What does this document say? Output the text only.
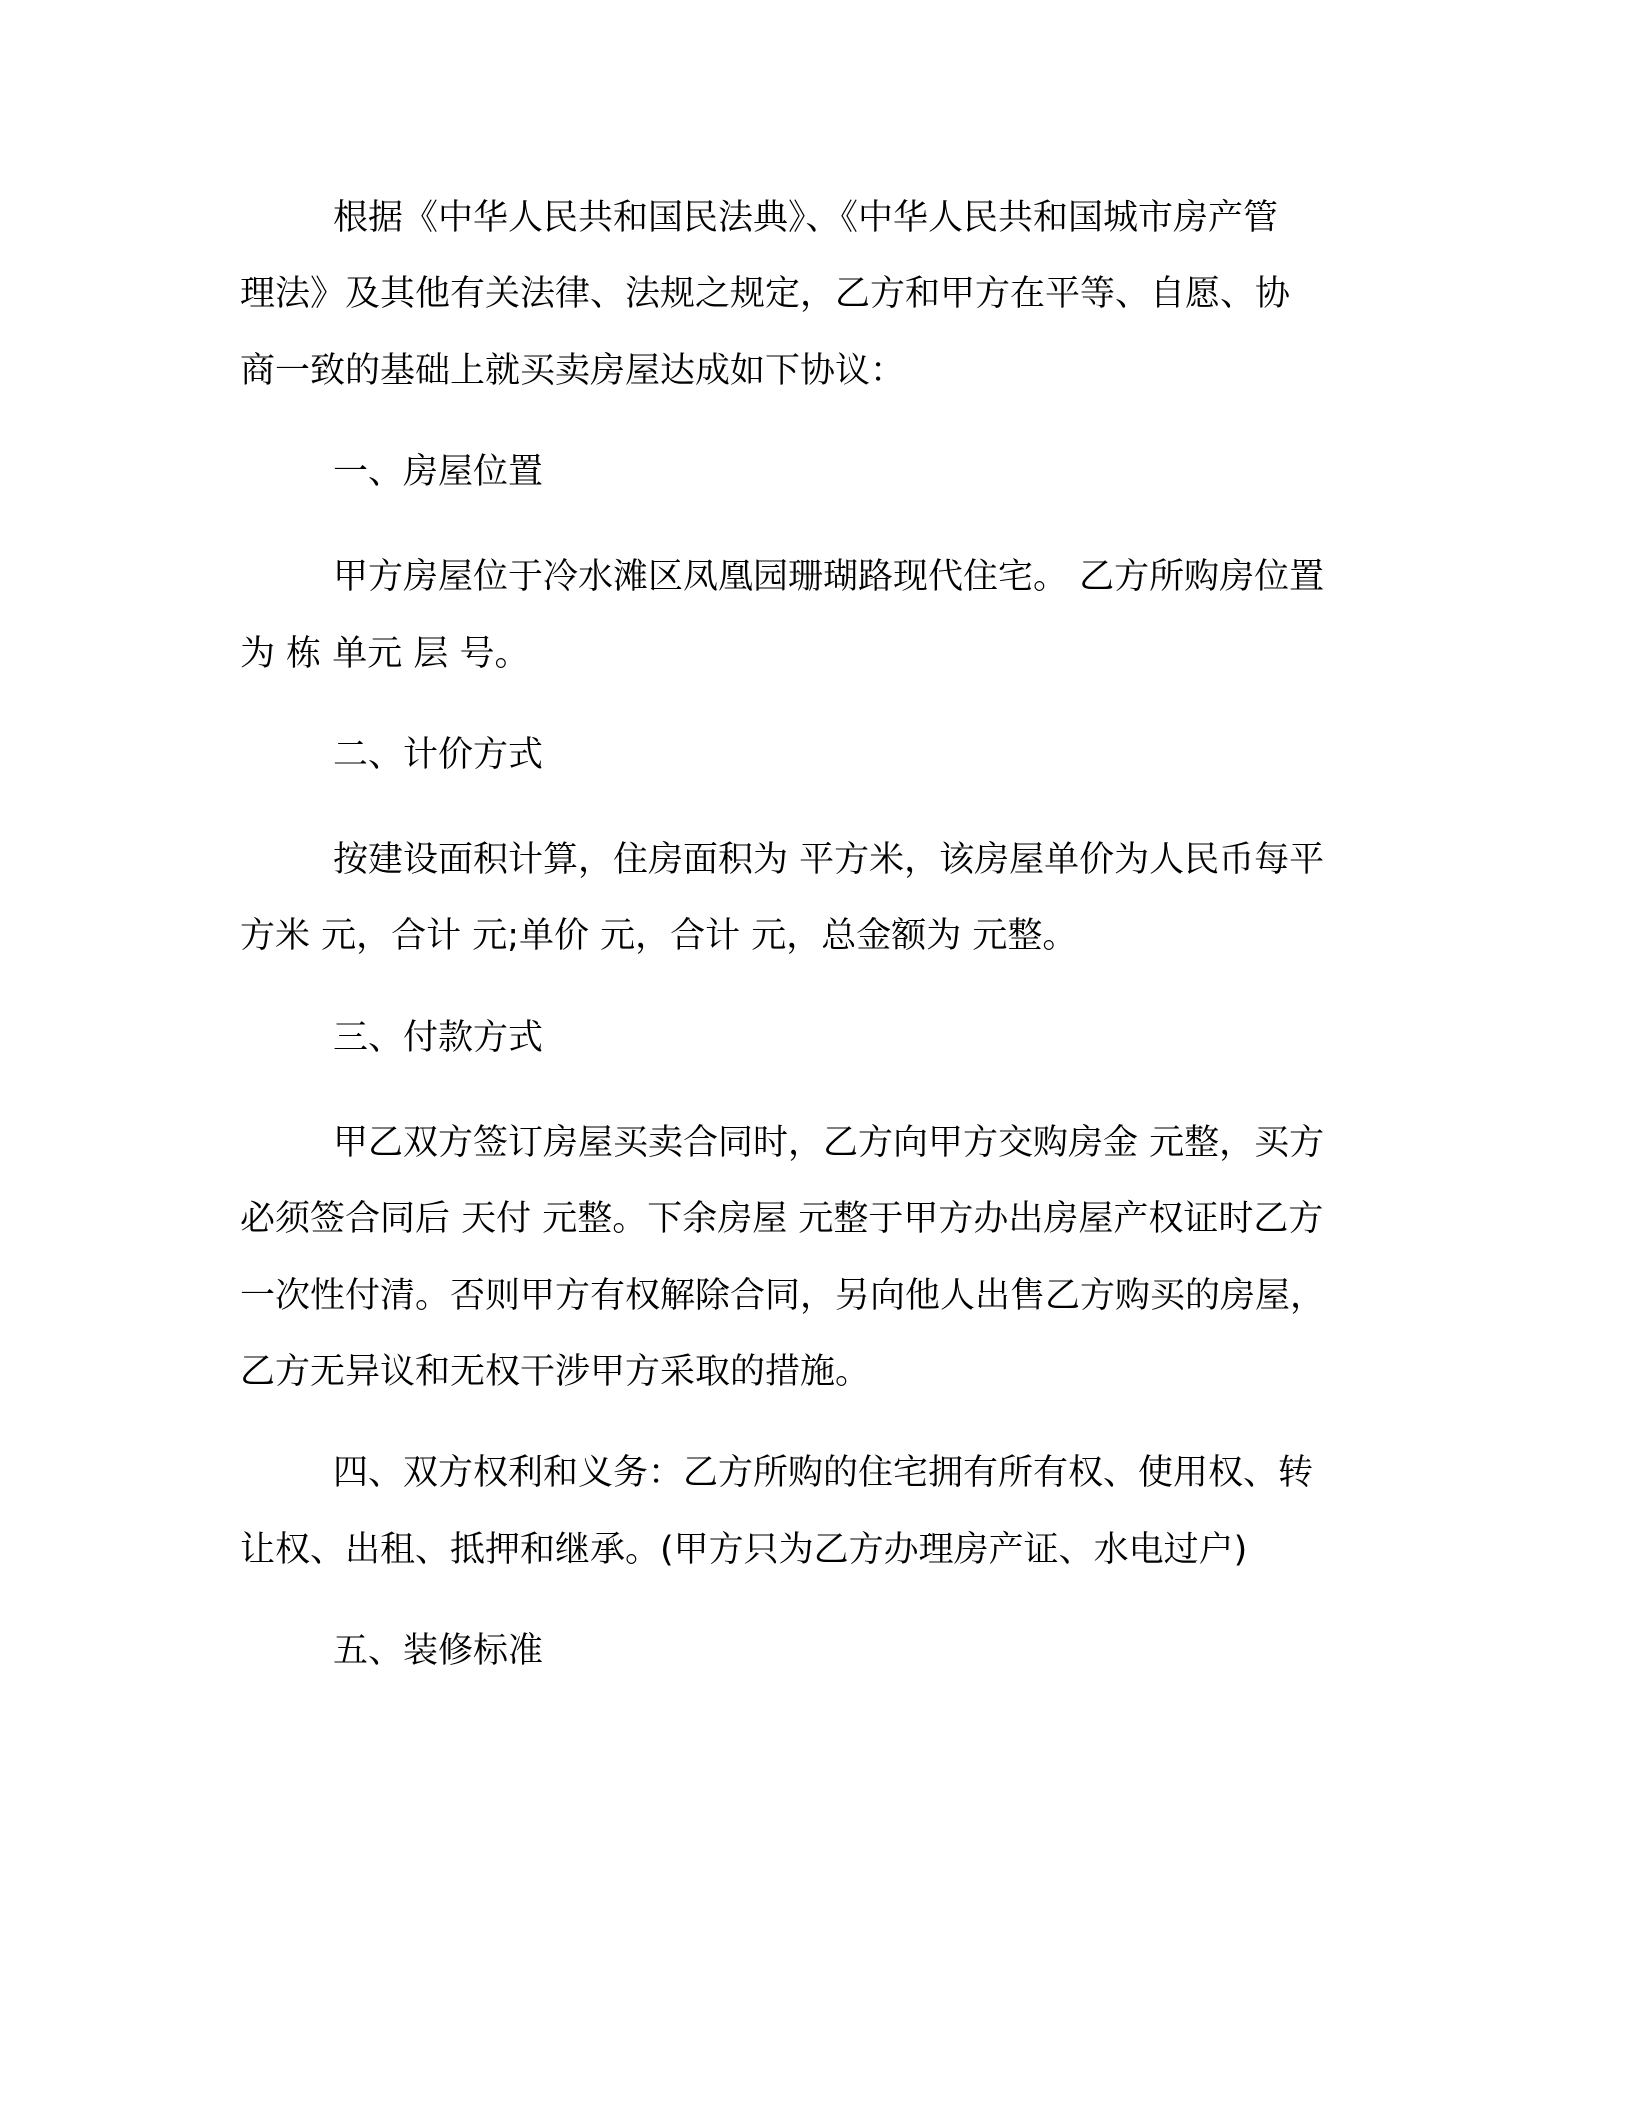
根据《中华人民共和国民法典》、《中华人民共和国城市房产管

理法》及其他有关法律、法规之规定，乙方和甲方在平等、自愿、协

商一致的基础上就买卖房屋达成如下协议：

一、房屋位置

甲方房屋位于冷水滩区凤凰园珊瑚路现代住宅。 乙方所购房位置

为 栋 单元 层 号。

二、计价方式

按建设面积计算，住房面积为 平方米，该房屋单价为人民币每平

方米 元，合计 元;单价 元，合计 元，总金额为 元整。

三、付款方式

甲乙双方签订房屋买卖合同时，乙方向甲方交购房金 元整，买方

必须签合同后 天付 元整。下余房屋 元整于甲方办出房屋产权证时乙方

一次性付清。否则甲方有权解除合同，另向他人出售乙方购买的房屋，

乙方无异议和无权干涉甲方采取的措施。

四、双方权利和义务：乙方所购的住宅拥有所有权、使用权、转

让权、出租、抵押和继承。(甲方只为乙方办理房产证、水电过户)

五、装修标准
